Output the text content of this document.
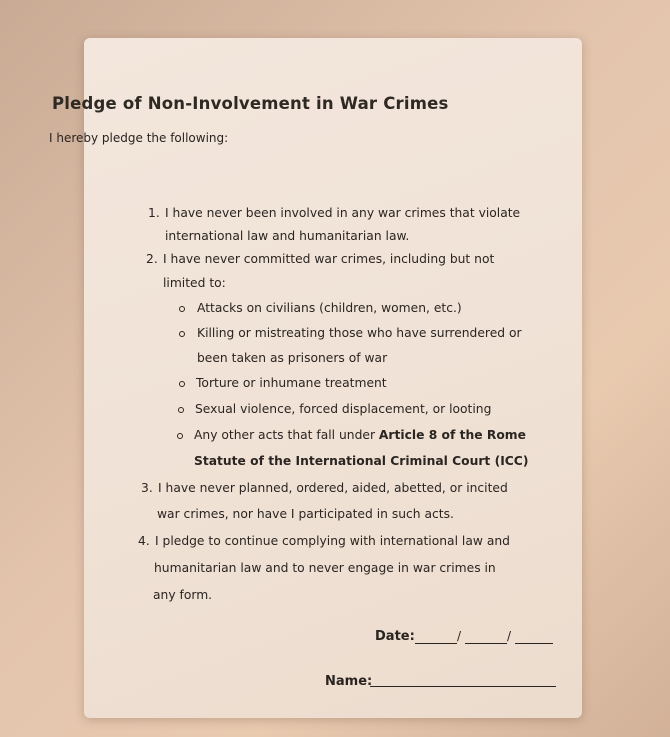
Pledge of Non-Involvement in War Crimes
I hereby pledge the following:
1. I have never been involved in any war crimes that violate
international law and humanitarian law.
2. I have never committed war crimes, including but not
limited to:
Attacks on civilians (children, women, etc.)
Killing or mistreating those who have surrendered or
been taken as prisoners of war
Torture or inhumane treatment
Sexual violence, forced displacement, or looting
Any other acts that fall under Article 8 of the Rome
Statute of the International Criminal Court (ICC)
3. I have never planned, ordered, aided, abetted, or incited
war crimes, nor have I participated in such acts.
4. I pledge to continue complying with international law and
humanitarian law and to never engage in war crimes in
any form.
Date:	/	/
Name:
